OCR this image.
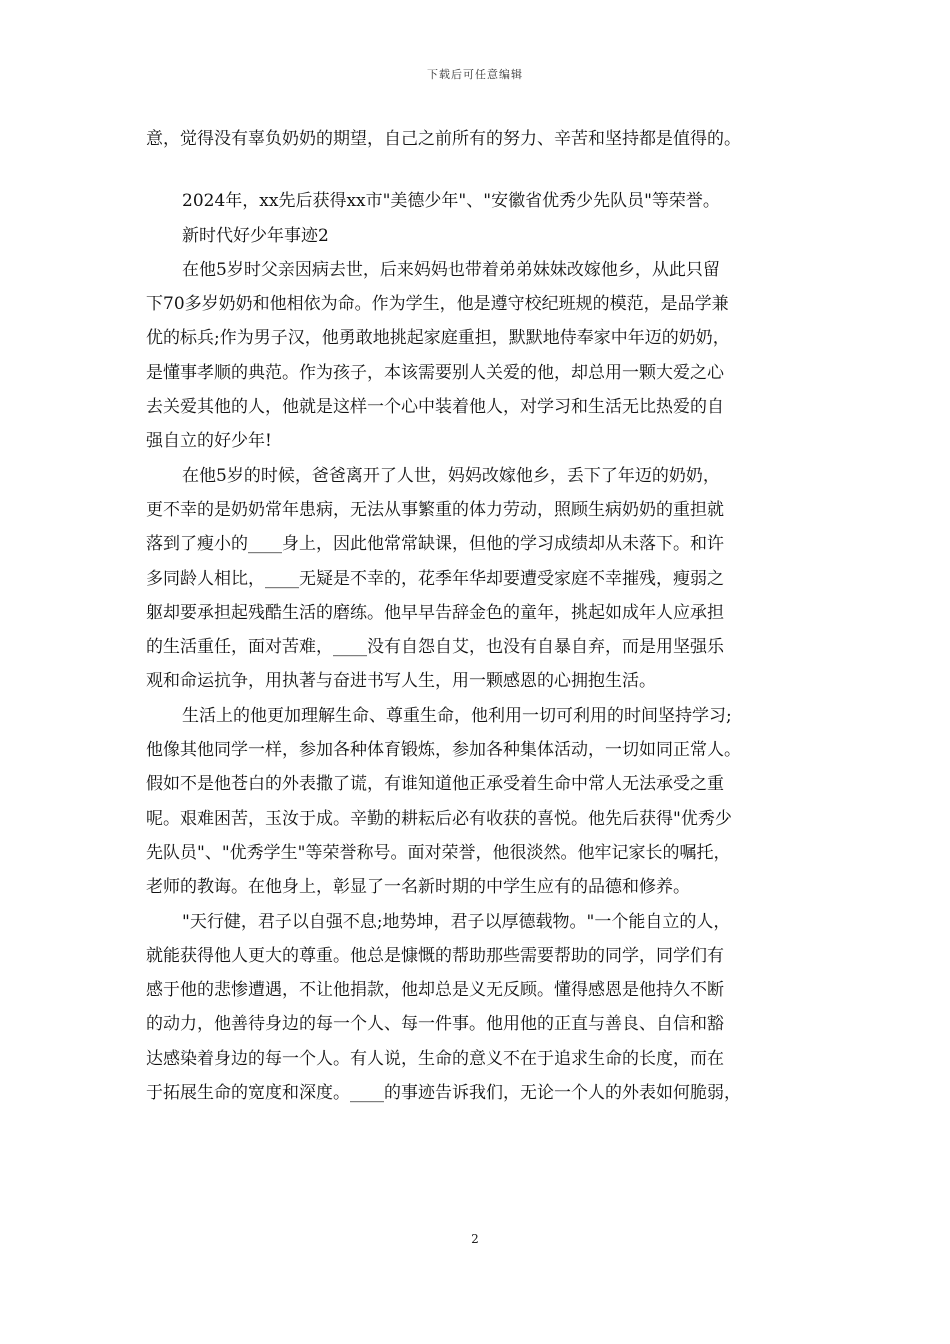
下载后可任意编辑
意，觉得没有辜负奶奶的期望，自己之前所有的努力、辛苦和坚持都是值得的。
2024年，xx先后获得xx市"美德少年"、"安徽省优秀少先队员"等荣誉。
新时代好少年事迹2
在他5岁时父亲因病去世，后来妈妈也带着弟弟妹妹改嫁他乡，从此只留
下70多岁奶奶和他相依为命。作为学生，他是遵守校纪班规的模范，是品学兼
优的标兵;作为男子汉，他勇敢地挑起家庭重担，默默地侍奉家中年迈的奶奶，
是懂事孝顺的典范。作为孩子，本该需要别人关爱的他，却总用一颗大爱之心
去关爱其他的人，他就是这样一个心中装着他人，对学习和生活无比热爱的自
强自立的好少年!
在他5岁的时候，爸爸离开了人世，妈妈改嫁他乡，丢下了年迈的奶奶，
更不幸的是奶奶常年患病，无法从事繁重的体力劳动，照顾生病奶奶的重担就
落到了瘦小的____身上，因此他常常缺课，但他的学习成绩却从未落下。和许
多同龄人相比，____无疑是不幸的，花季年华却要遭受家庭不幸摧残，瘦弱之
躯却要承担起残酷生活的磨练。他早早告辞金色的童年，挑起如成年人应承担
的生活重任，面对苦难，____没有自怨自艾，也没有自暴自弃，而是用坚强乐
观和命运抗争，用执著与奋进书写人生，用一颗感恩的心拥抱生活。
生活上的他更加理解生命、尊重生命，他利用一切可利用的时间坚持学习;
他像其他同学一样，参加各种体育锻炼，参加各种集体活动，一切如同正常人。
假如不是他苍白的外表撒了谎，有谁知道他正承受着生命中常人无法承受之重
呢。艰难困苦，玉汝于成。辛勤的耕耘后必有收获的喜悦。他先后获得"优秀少
先队员"、"优秀学生"等荣誉称号。面对荣誉，他很淡然。他牢记家长的嘱托，
老师的教诲。在他身上，彰显了一名新时期的中学生应有的品德和修养。
"天行健，君子以自强不息;地势坤，君子以厚德载物。"一个能自立的人，
就能获得他人更大的尊重。他总是慷慨的帮助那些需要帮助的同学，同学们有
感于他的悲惨遭遇，不让他捐款，他却总是义无反顾。懂得感恩是他持久不断
的动力，他善待身边的每一个人、每一件事。他用他的正直与善良、自信和豁
达感染着身边的每一个人。有人说，生命的意义不在于追求生命的长度，而在
于拓展生命的宽度和深度。____的事迹告诉我们，无论一个人的外表如何脆弱，
2
